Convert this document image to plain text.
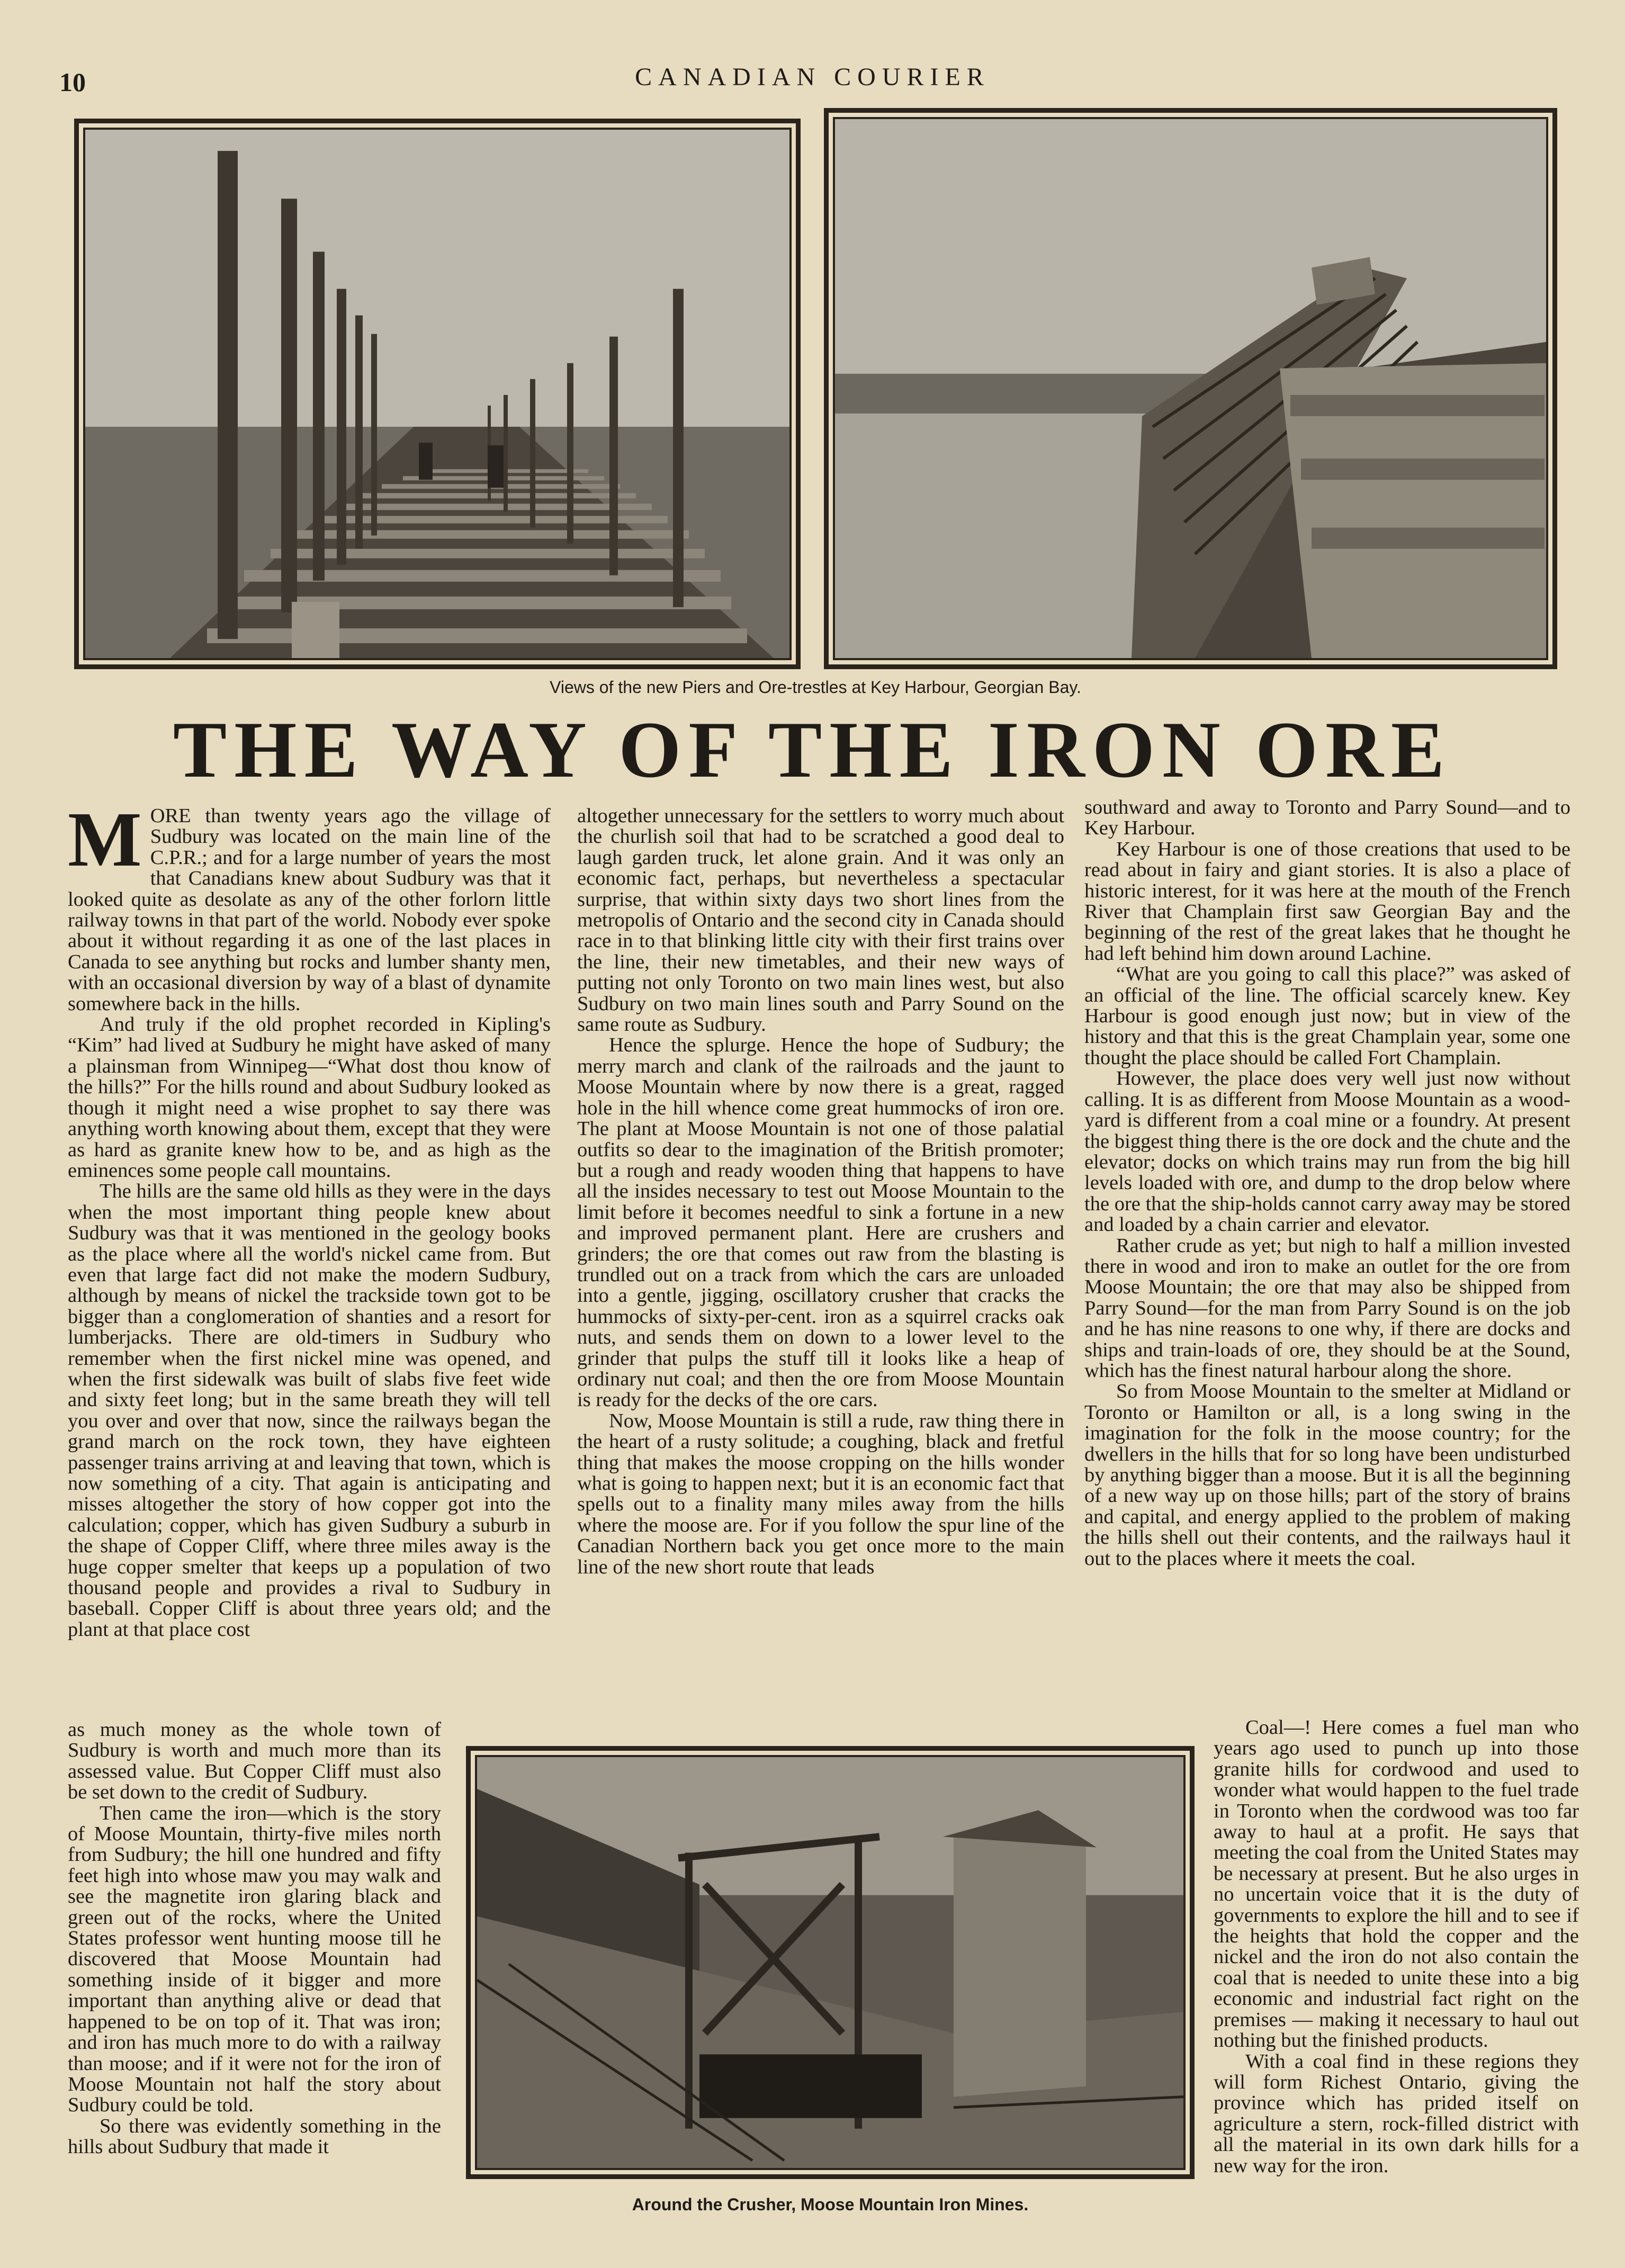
10	CANADIAN COURIER
Views of the new Piers and Ore-trestles at Key Harbour, Georgian Bay.
THE WAY OF THE IRON ORE

MORE than twenty years ago the village of Sudbury was located on the main line of the C.P.R.; and for a large number of years the most that Canadians knew about Sudbury was that it looked quite as desolate as any of the other forlorn little railway towns in that part of the world. Nobody ever spoke about it without regarding it as one of the last places in Canada to see anything but rocks and lumber shanty men, with an occasional diversion by way of a blast of dynamite somewhere back in the hills.

And truly if the old prophet recorded in Kipling's “Kim” had lived at Sudbury he might have asked of many a plainsman from Winnipeg—“What dost thou know of the hills?” For the hills round and about Sudbury looked as though it might need a wise prophet to say there was anything worth knowing about them, except that they were as hard as granite knew how to be, and as high as the eminences some people call mountains.

The hills are the same old hills as they were in the days when the most important thing people knew about Sudbury was that it was mentioned in the geology books as the place where all the world's nickel came from. But even that large fact did not make the modern Sudbury, although by means of nickel the trackside town got to be bigger than a conglomeration of shanties and a resort for lumberjacks. There are old-timers in Sudbury who remember when the first nickel mine was opened, and when the first sidewalk was built of slabs five feet wide and sixty feet long; but in the same breath they will tell you over and over that now, since the railways began the grand march on the rock town, they have eighteen passenger trains arriving at and leaving that town, which is now something of a city. That again is anticipating and misses altogether the story of how copper got into the calculation; copper, which has given Sudbury a suburb in the shape of Copper Cliff, where three miles away is the huge copper smelter that keeps up a population of two thousand people and provides a rival to Sudbury in baseball. Copper Cliff is about three years old; and the plant at that place cost

as much money as the whole town of Sudbury is worth and much more than its assessed value. But Copper Cliff must also be set down to the credit of Sudbury.

Then came the iron—which is the story of Moose Mountain, thirty-five miles north from Sudbury; the hill one hundred and fifty feet high into whose maw you may walk and see the magnetite iron glaring black and green out of the rocks, where the United States professor went hunting moose till he discovered that Moose Mountain had something inside of it bigger and more important than anything alive or dead that happened to be on top of it. That was iron; and iron has much more to do with a railway than moose; and if it were not for the iron of Moose Mountain not half the story about Sudbury could be told.

So there was evidently something in the hills about Sudbury that made it

altogether unnecessary for the settlers to worry much about the churlish soil that had to be scratched a good deal to laugh garden truck, let alone grain. And it was only an economic fact, perhaps, but nevertheless a spectacular surprise, that within sixty days two short lines from the metropolis of Ontario and the second city in Canada should race in to that blinking little city with their first trains over the line, their new timetables, and their new ways of putting not only Toronto on two main lines west, but also Sudbury on two main lines south and Parry Sound on the same route as Sudbury.

Hence the splurge. Hence the hope of Sudbury; the merry march and clank of the railroads and the jaunt to Moose Mountain where by now there is a great, ragged hole in the hill whence come great hummocks of iron ore. The plant at Moose Mountain is not one of those palatial outfits so dear to the imagination of the British promoter; but a rough and ready wooden thing that happens to have all the insides necessary to test out Moose Mountain to the limit before it becomes needful to sink a fortune in a new and improved permanent plant. Here are crushers and grinders; the ore that comes out raw from the blasting is trundled out on a track from which the cars are unloaded into a gentle, jigging, oscillatory crusher that cracks the hummocks of sixty-per-cent. iron as a squirrel cracks oak nuts, and sends them on down to a lower level to the grinder that pulps the stuff till it looks like a heap of ordinary nut coal; and then the ore from Moose Mountain is ready for the decks of the ore cars.

Now, Moose Mountain is still a rude, raw thing there in the heart of a rusty solitude; a coughing, black and fretful thing that makes the moose cropping on the hills wonder what is going to happen next; but it is an economic fact that spells out to a finality many miles away from the hills where the moose are. For if you follow the spur line of the Canadian Northern back you get once more to the main line of the new short route that leads

southward and away to Toronto and Parry Sound—and to Key Harbour.

Key Harbour is one of those creations that used to be read about in fairy and giant stories. It is also a place of historic interest, for it was here at the mouth of the French River that Champlain first saw Georgian Bay and the beginning of the rest of the great lakes that he thought he had left behind him down around Lachine.

“What are you going to call this place?” was asked of an official of the line. The official scarcely knew. Key Harbour is good enough just now; but in view of the history and that this is the great Champlain year, some one thought the place should be called Fort Champlain.

However, the place does very well just now without calling. It is as different from Moose Mountain as a wood-yard is different from a coal mine or a foundry. At present the biggest thing there is the ore dock and the chute and the elevator; docks on which trains may run from the big hill levels loaded with ore, and dump to the drop below where the ore that the ship-holds cannot carry away may be stored and loaded by a chain carrier and elevator.

Rather crude as yet; but nigh to half a million invested there in wood and iron to make an outlet for the ore from Moose Mountain; the ore that may also be shipped from Parry Sound—for the man from Parry Sound is on the job and he has nine reasons to one why, if there are docks and ships and train-loads of ore, they should be at the Sound, which has the finest natural harbour along the shore.

So from Moose Mountain to the smelter at Midland or Toronto or Hamilton or all, is a long swing in the imagination for the folk in the moose country; for the dwellers in the hills that for so long have been undisturbed by anything bigger than a moose. But it is all the beginning of a new way up on those hills; part of the story of brains and capital, and energy applied to the problem of making the hills shell out their contents, and the railways haul it out to the places where it meets the coal.

Coal—! Here comes a fuel man who years ago used to punch up into those granite hills for cordwood and used to wonder what would happen to the fuel trade in Toronto when the cordwood was too far away to haul at a profit. He says that meeting the coal from the United States may be necessary at present. But he also urges in no uncertain voice that it is the duty of governments to explore the hill and to see if the heights that hold the copper and the nickel and the iron do not also contain the coal that is needed to unite these into a big economic and industrial fact right on the premises — making it necessary to haul out nothing but the finished products.

With a coal find in these regions they will form Richest Ontario, giving the province which has prided itself on agriculture a stern, rock-filled district with all the material in its own dark hills for a new way for the iron.

Around the Crusher, Moose Mountain Iron Mines.
